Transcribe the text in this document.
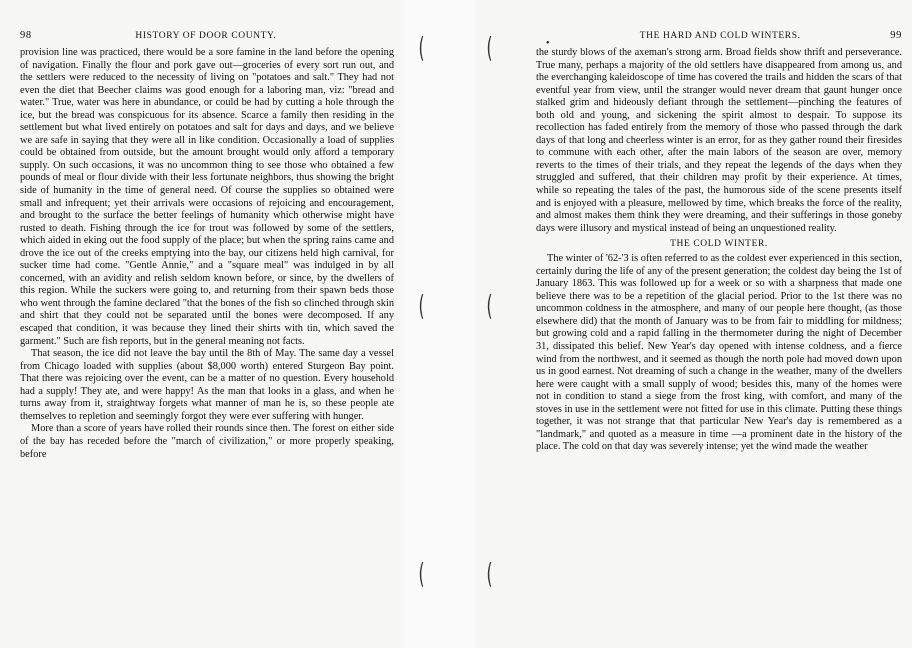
98	HISTORY OF DOOR COUNTY.

provision line was practiced, there would be a sore famine in the land before the opening of navigation. Finally the flour and pork gave out—groceries of every sort run out, and the settlers were reduced to the necessity of living on "potatoes and salt." They had not even the diet that Beecher claims was good enough for a laboring man, viz: "bread and water." True, water was here in abundance, or could be had by cutting a hole through the ice, but the bread was conspicuous for its absence. Scarce a family then residing in the settlement but what lived entirely on potatoes and salt for days and days, and we believe we are safe in saying that they were all in like condition. Occasionally a load of supplies could be obtained from outside, but the amount brought would only afford a temporary supply. On such occasions, it was no uncommon thing to see those who obtained a few pounds of meal or flour divide with their less fortunate neighbors, thus showing the bright side of humanity in the time of general need. Of course the supplies so obtained were small and infrequent; yet their arrivals were occasions of rejoicing and encouragement, and brought to the surface the better feelings of humanity which otherwise might have rusted to death. Fishing through the ice for trout was followed by some of the settlers, which aided in eking out the food supply of the place; but when the spring rains came and drove the ice out of the creeks emptying into the bay, our citizens held high carnival, for sucker time had come. "Gentle Annie," and a "square meal" was indulged in by all concerned, with an avidity and relish seldom known before, or since, by the dwellers of this region. While the suckers were going to, and returning from their spawn beds those who went through the famine declared "that the bones of the fish so clinched through skin and shirt that they could not be separated until the bones were decomposed. If any escaped that condition, it was because they lined their shirts with tin, which saved the garment." Such are fish reports, but in the general meaning not facts.

That season, the ice did not leave the bay until the 8th of May. The same day a vessel from Chicago loaded with supplies (about $8,000 worth) entered Sturgeon Bay point. That there was rejoicing over the event, can be a matter of no question. Every household had a supply! They ate, and were happy! As the man that looks in a glass, and when he turns away from it, straightway forgets what manner of man he is, so these people ate themselves to repletion and seemingly forgot they were ever suffering with hunger.

More than a score of years have rolled their rounds since then. The forest on either side of the bay has receded before the "march of civilization," or more properly speaking, before

(
(
(
(
(
(
•
THE HARD AND COLD WINTERS.	99

the sturdy blows of the axeman's strong arm. Broad fields show thrift and perseverance. True many, perhaps a majority of the old settlers have disappeared from among us, and the everchanging kaleidoscope of time has covered the trails and hidden the scars of that eventful year from view, until the stranger would never dream that gaunt hunger once stalked grim and hideously defiant through the settlement—pinching the features of both old and young, and sickening the spirit almost to despair. To suppose its recollection has faded entirely from the memory of those who passed through the dark days of that long and cheerless winter is an error, for as they gather round their firesides to commune with each other, after the main labors of the season are over, memory reverts to the times of their trials, and they repeat the legends of the days when they struggled and suffered, that their children may profit by their experience. At times, while so repeating the tales of the past, the humorous side of the scene presents itself and is enjoyed with a pleasure, mellowed by time, which breaks the force of the reality, and almost makes them think they were dreaming, and their sufferings in those goneby days were illusory and mystical instead of being an unquestioned reality.

THE COLD WINTER.

The winter of '62-'3 is often referred to as the coldest ever experienced in this section, certainly during the life of any of the present generation; the coldest day being the 1st of January 1863. This was followed up for a week or so with a sharpness that made one believe there was to be a repetition of the glacial period. Prior to the 1st there was no uncommon coldness in the atmosphere, and many of our people here thought, (as those elsewhere did) that the month of January was to be from fair to middling for mildness; but growing cold and a rapid falling in the thermometer during the night of December 31, dissipated this belief. New Year's day opened with intense coldness, and a fierce wind from the northwest, and it seemed as though the north pole had moved down upon us in good earnest. Not dreaming of such a change in the weather, many of the dwellers here were caught with a small supply of wood; besides this, many of the homes were not in condition to stand a siege from the frost king, with comfort, and many of the stoves in use in the settlement were not fitted for use in this climate. Putting these things together, it was not strange that that particular New Year's day is remembered as a "landmark," and quoted as a measure in time —a prominent date in the history of the place. The cold on that day was severely intense; yet the wind made the weather
